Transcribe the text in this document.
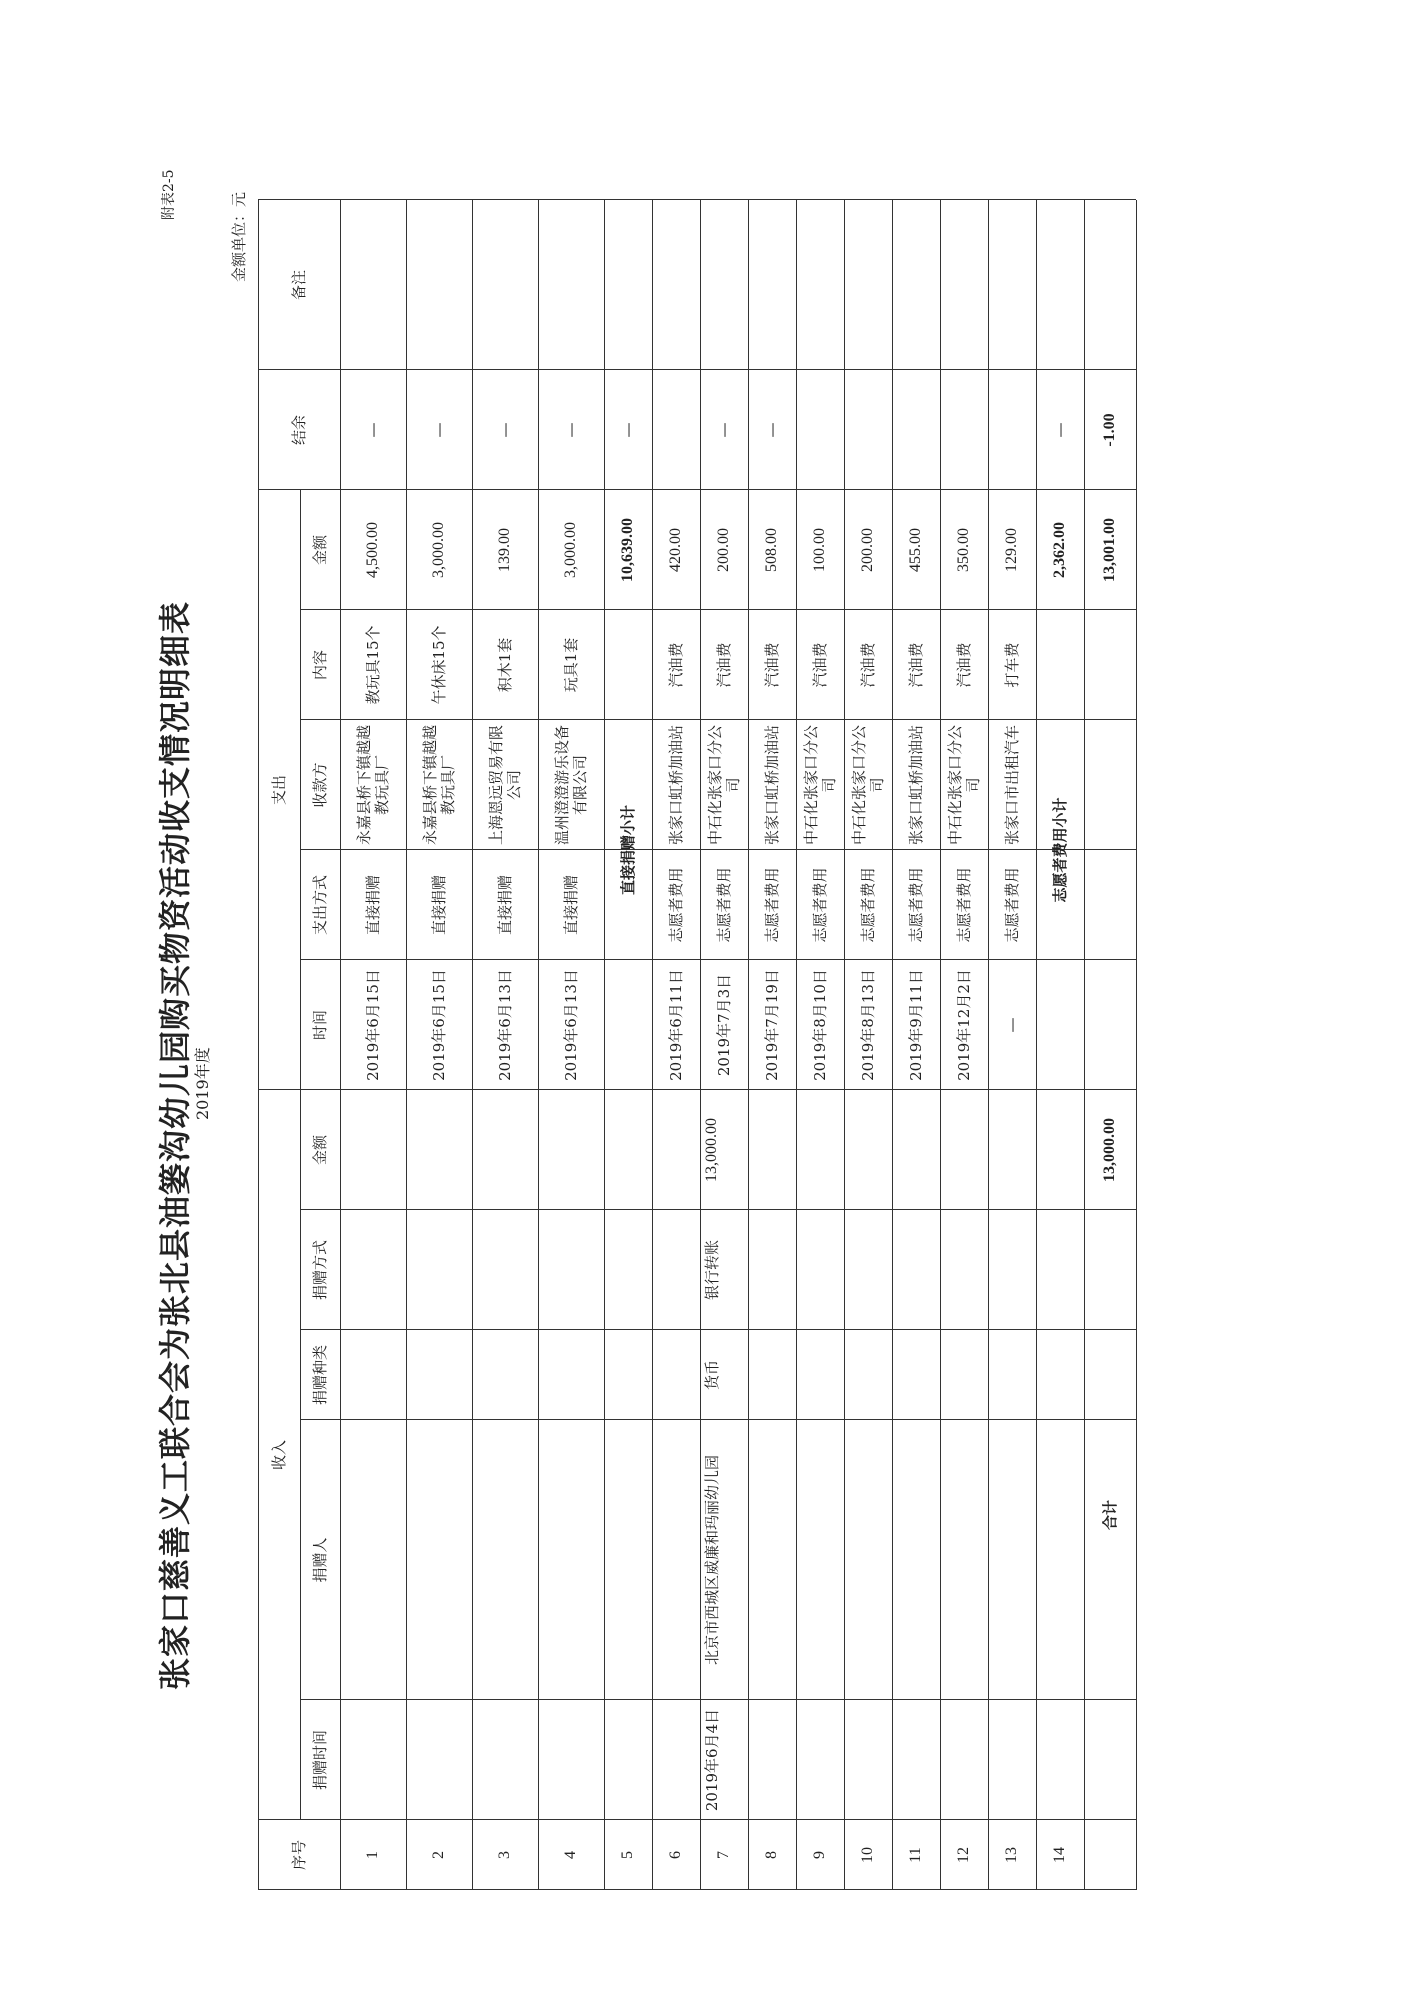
附表2-5
张家口慈善义工联合会为张北县油篓沟幼儿园购买物资活动收支情况明细表 2019年度
金额单位：元
序号
收入
支出
捐赠时间
捐赠人
捐赠种类
捐赠方式
金额
时间
支出方式
收款方
内容
金额
结余
备注
2019年6月4日
北京市西城区威廉和玛丽幼儿园
货币
银行转账
13,000.00
1
2019年6月15日
直接捐赠
永嘉县桥下镇越越教玩具厂
教玩具15个
4,500.00
—
2
2019年6月15日
直接捐赠
永嘉县桥下镇越越教玩具厂
午休床15个
3,000.00
—
3
2019年6月13日
直接捐赠
上海恩远贸易有限公司
积木1套
139.00
—
4
2019年6月13日
直接捐赠
温州澄澄游乐设备有限公司
玩具1套
3,000.00
—
5
直接捐赠小计
10,639.00
—
6
2019年6月11日
志愿者费用
张家口虹桥加油站
汽油费
420.00
7
2019年7月3日
志愿者费用
中石化张家口分公司
汽油费
200.00
—
8
2019年7月19日
志愿者费用
张家口虹桥加油站
汽油费
508.00
—
9
2019年8月10日
志愿者费用
中石化张家口分公司
汽油费
100.00
10
2019年8月13日
志愿者费用
中石化张家口分公司
汽油费
200.00
11
2019年9月11日
志愿者费用
张家口虹桥加油站
汽油费
455.00
12
2019年12月2日
志愿者费用
中石化张家口分公司
汽油费
350.00
13
—
志愿者费用
张家口市出租汽车
打车费
129.00
14
志愿者费用小计
2,362.00
—
合计
13,000.00
13,001.00
-1.00
